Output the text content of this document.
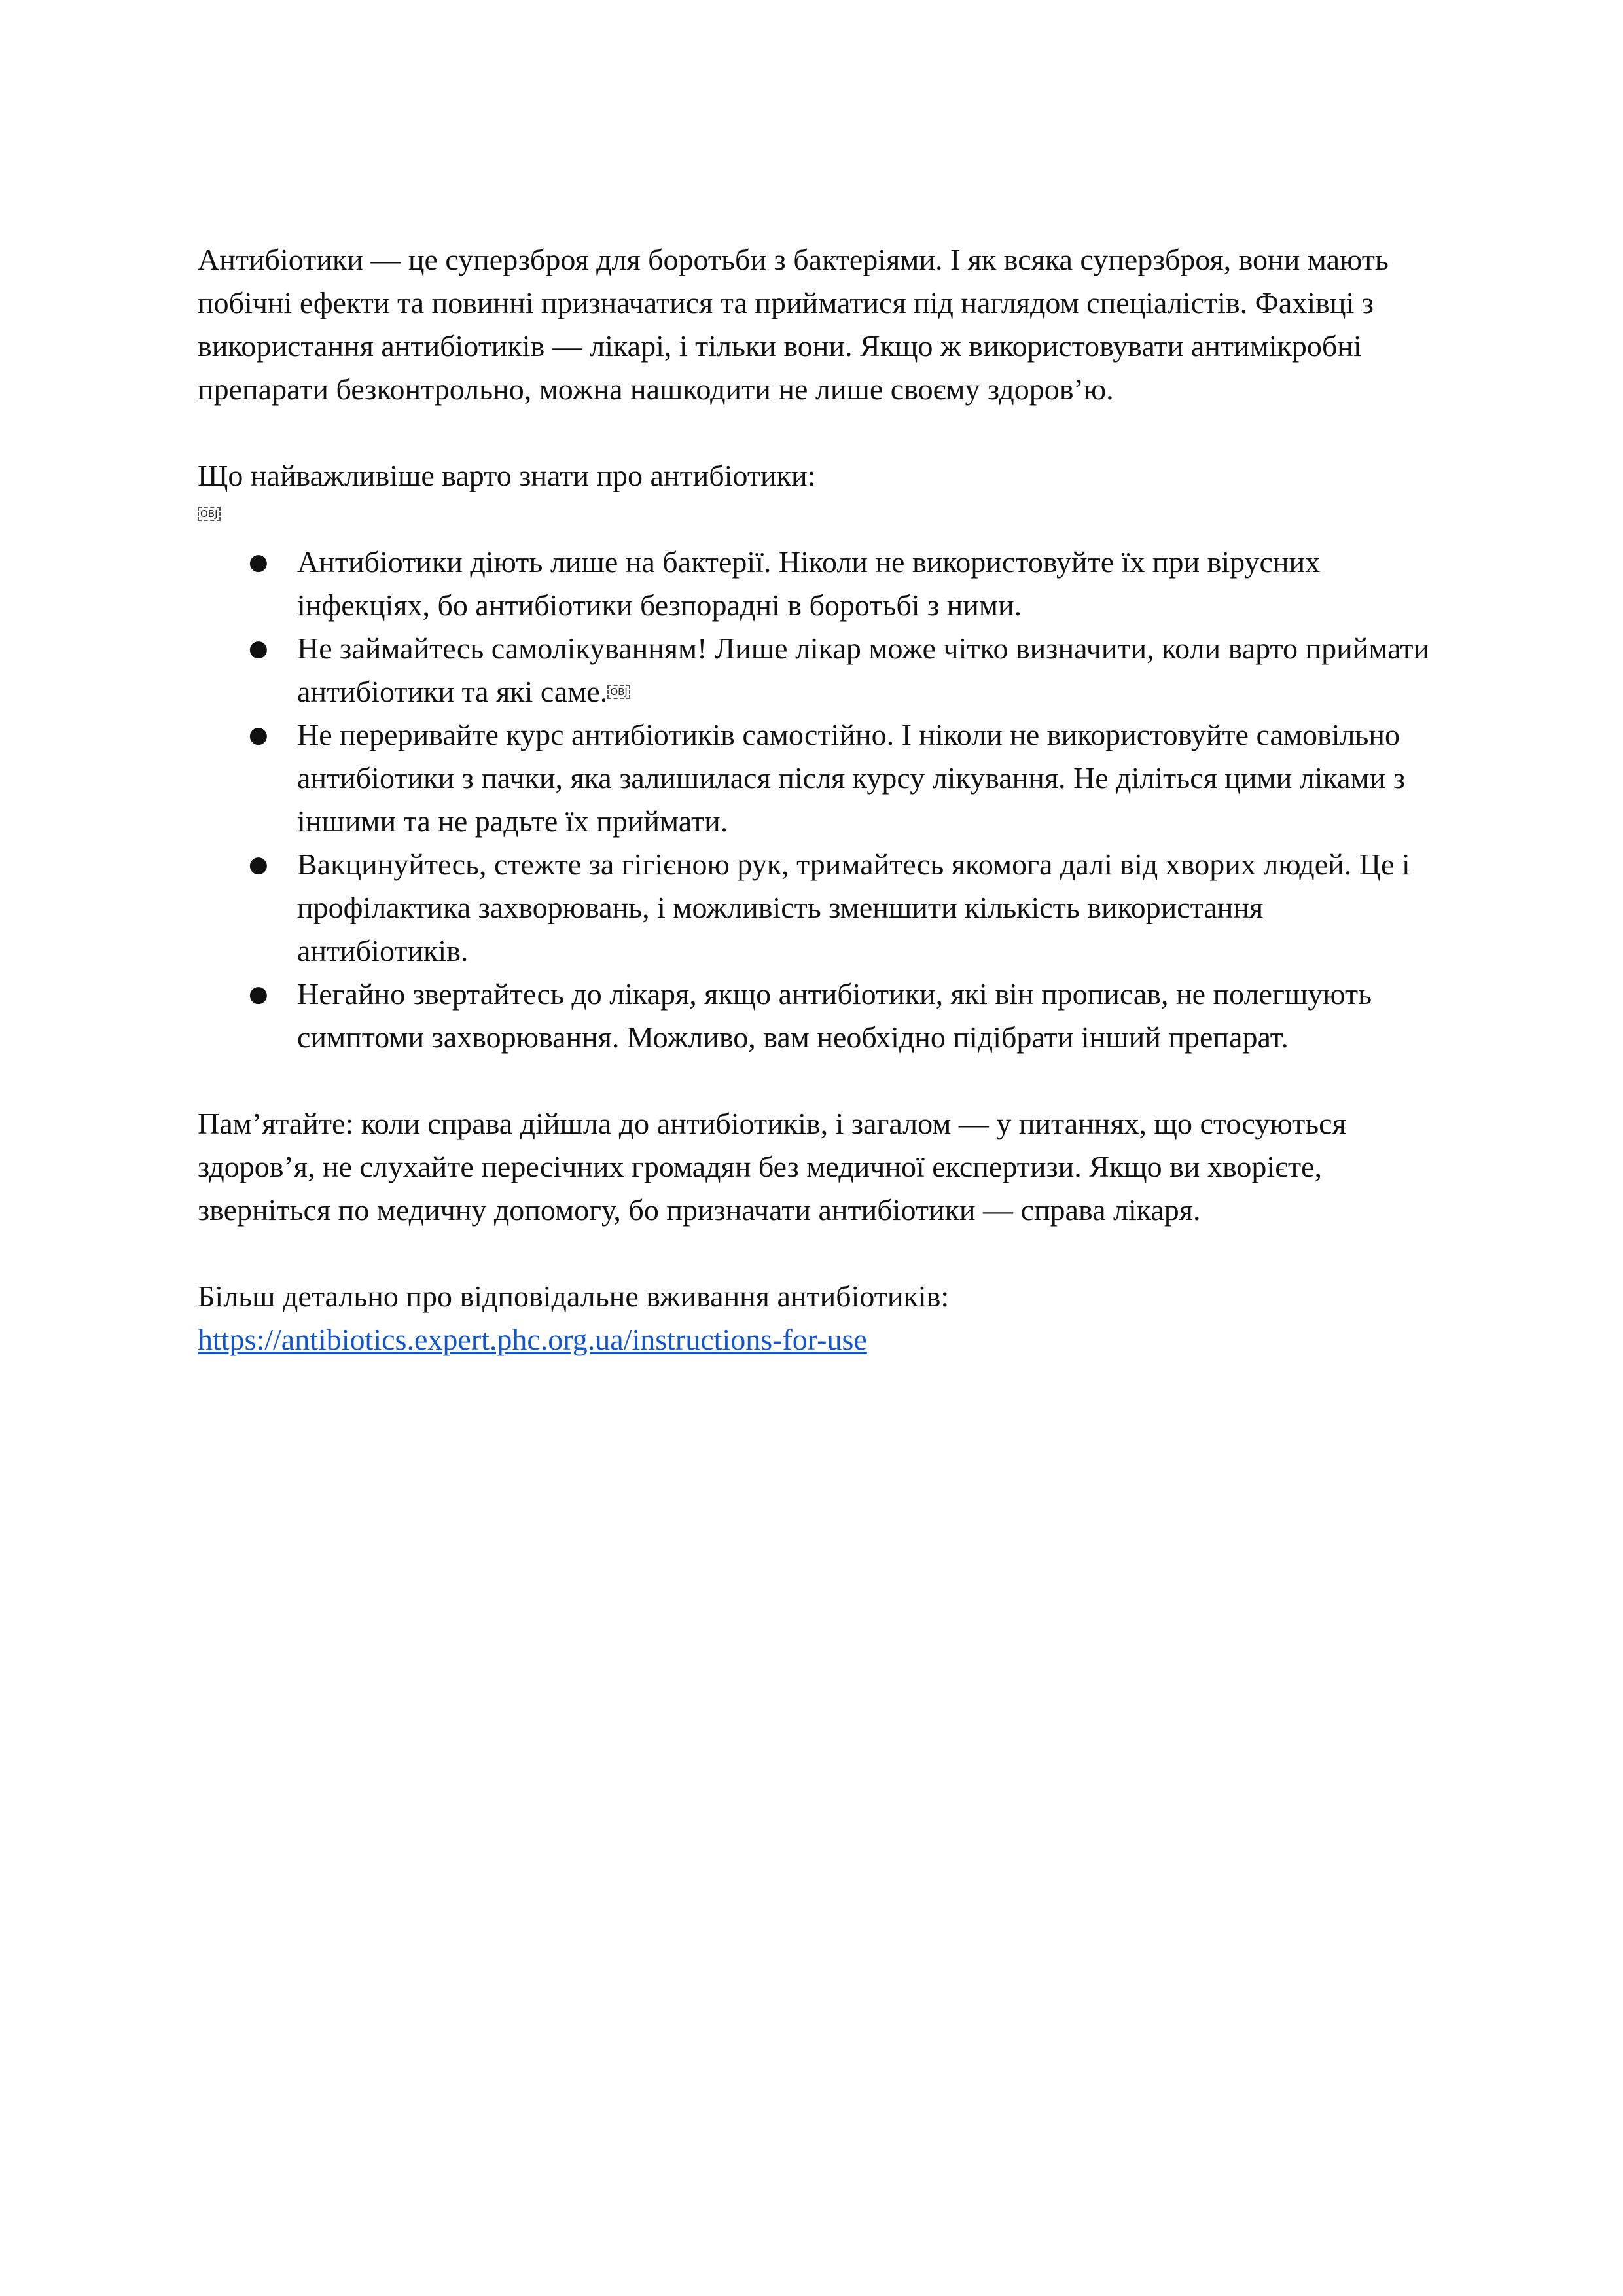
Антибіотики — це суперзброя для боротьби з бактеріями. І як всяка суперзброя, вони мають побічні ефекти та повинні призначатися та прийматися під наглядом спеціалістів. Фахівці з використання антибіотиків — лікарі, і тільки вони. Якщо ж використовувати антимікробні препарати безконтрольно, можна нашкодити не лише своєму здоров’ю.

Що найважливіше варто знати про антибіотики:

OBJ
● Антибіотики діють лише на бактерії. Ніколи не використовуйте їх при вірусних інфекціях, бо антибіотики безпорадні в боротьбі з ними.
● Не займайтесь самолікуванням! Лише лікар може чітко визначити, коли варто приймати антибіотики та які саме. OBJ
● Не переривайте курс антибіотиків самостійно. І ніколи не використовуйте самовільно антибіотики з пачки, яка залишилася після курсу лікування. Не діліться цими ліками з іншими та не радьте їх приймати.
● Вакцинуйтесь, стежте за гігієною рук, тримайтесь якомога далі від хворих людей. Це і профілактика захворювань, і можливість зменшити кількість використання антибіотиків.
● Негайно звертайтесь до лікаря, якщо антибіотики, які він прописав, не полегшують симптоми захворювання. Можливо, вам необхідно підібрати інший препарат.

Пам’ятайте: коли справа дійшла до антибіотиків, і загалом — у питаннях, що стосуються здоров’я, не слухайте пересічних громадян без медичної експертизи. Якщо ви хворієте, зверніться по медичну допомогу, бо призначати антибіотики — справа лікаря.

Більш детально про відповідальне вживання антибіотиків:

https://antibiotics.expert.phc.org.ua/instructions-for-use
